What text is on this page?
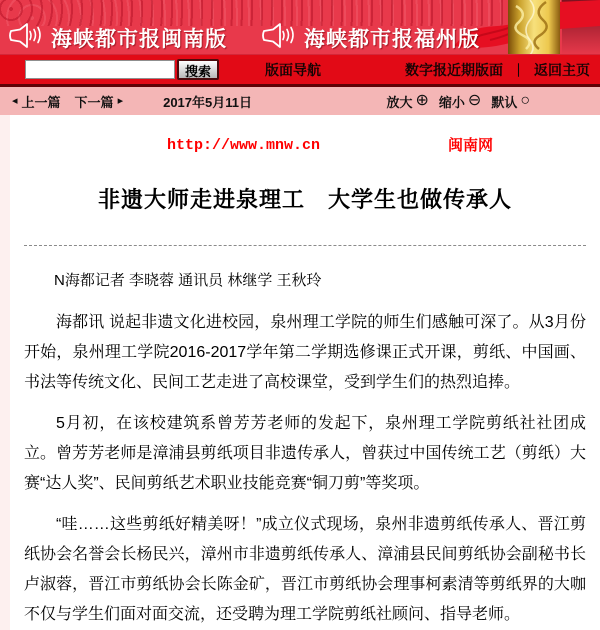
海峡都市报闽南版	海峡都市报福州版
搜索	版面导航	数字报近期版面 ｜ 返回主页
◂ 上一篇 下一篇 ▸	2017年5月11日	放大 ⊕ 缩小 ⊖ 默认 ○
http://www.mnw.cn	闽南网
非遗大师走进泉理工　大学生也做传承人
N海都记者 李晓蓉 通讯员 林继学 王秋玲

海都讯 说起非遗文化进校园，泉州理工学院的师生们感触可深了。从3月份开始，泉州理工学院2016-2017学年第二学期选修课正式开课，剪纸、中国画、书法等传统文化、民间工艺走进了高校课堂，受到学生们的热烈追捧。

5月初，在该校建筑系曾芳芳老师的发起下，泉州理工学院剪纸社社团成立。曾芳芳老师是漳浦县剪纸项目非遗传承人，曾获过中国传统工艺（剪纸）大赛“达人奖”、民间剪纸艺术职业技能竞赛“铜刀剪”等奖项。

“哇……这些剪纸好精美呀！”成立仪式现场，泉州非遗剪纸传承人、晋江剪纸协会名誉会长杨民兴，漳州市非遗剪纸传承人、漳浦县民间剪纸协会副秘书长卢淑蓉，晋江市剪纸协会长陈金矿，晋江市剪纸协会理事柯素清等剪纸界的大咖不仅与学生们面对面交流，还受聘为理工学院剪纸社顾问、指导老师。
